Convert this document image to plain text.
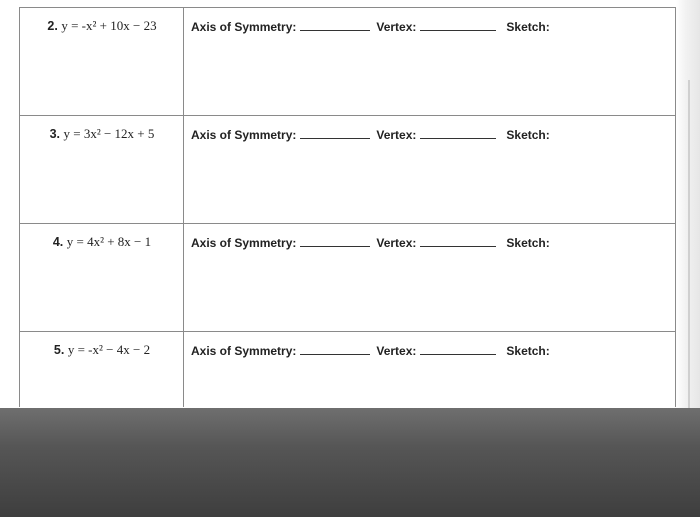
2. y = -x² + 10x − 23	Axis of Symmetry:	Vertex:	Sketch:
3. y = 3x² − 12x + 5	Axis of Symmetry:	Vertex:	Sketch:
4. y = 4x² + 8x − 1	Axis of Symmetry:	Vertex:	Sketch:
5. y = -x² − 4x − 2	Axis of Symmetry:	Vertex:	Sketch:
